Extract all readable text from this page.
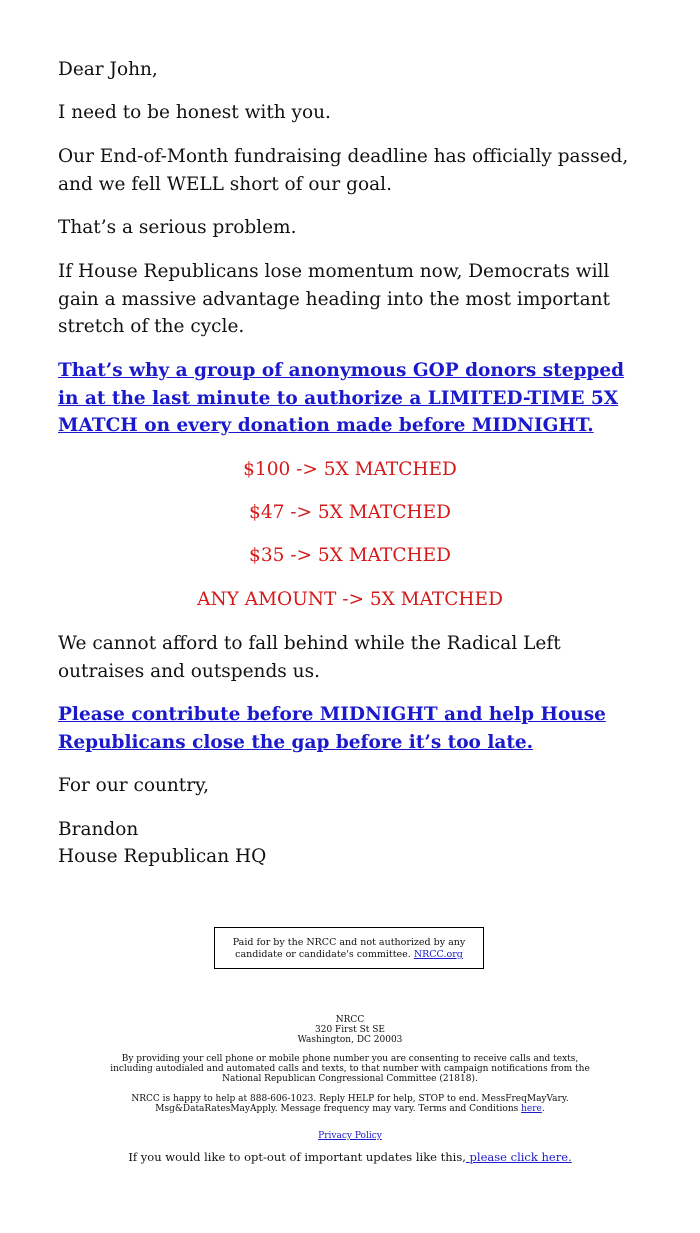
Dear John,

I need to be honest with you.

Our End-of-Month fundraising deadline has officially passed, and we fell WELL short of our goal.

That’s a serious problem.

If House Republicans lose momentum now, Democrats will gain a massive advantage heading into the most important stretch of the cycle.

That’s why a group of anonymous GOP donors stepped in at the last minute to authorize a LIMITED-TIME 5X MATCH on every donation made before MIDNIGHT.

$100 -> 5X MATCHED

$47 -> 5X MATCHED

$35 -> 5X MATCHED

ANY AMOUNT -> 5X MATCHED

We cannot afford to fall behind while the Radical Left outraises and outspends us.

Please contribute before MIDNIGHT and help House Republicans close the gap before it’s too late.

For our country,

Brandon

House Republican HQ

Paid for by the NRCC and not authorized by any candidate or candidate's committee. NRCC.org

NRCC

320 First St SE

Washington, DC 20003

By providing your cell phone or mobile phone number you are consenting to receive calls and texts, including autodialed and automated calls and texts, to that number with campaign notifications from the National Republican Congressional Committee (21818).

NRCC is happy to help at 888-606-1023. Reply HELP for help, STOP to end. MessFreqMayVary. Msg&DataRatesMayApply. Message frequency may vary. Terms and Conditions here.

Privacy Policy

If you would like to opt-out of important updates like this, please click here.
